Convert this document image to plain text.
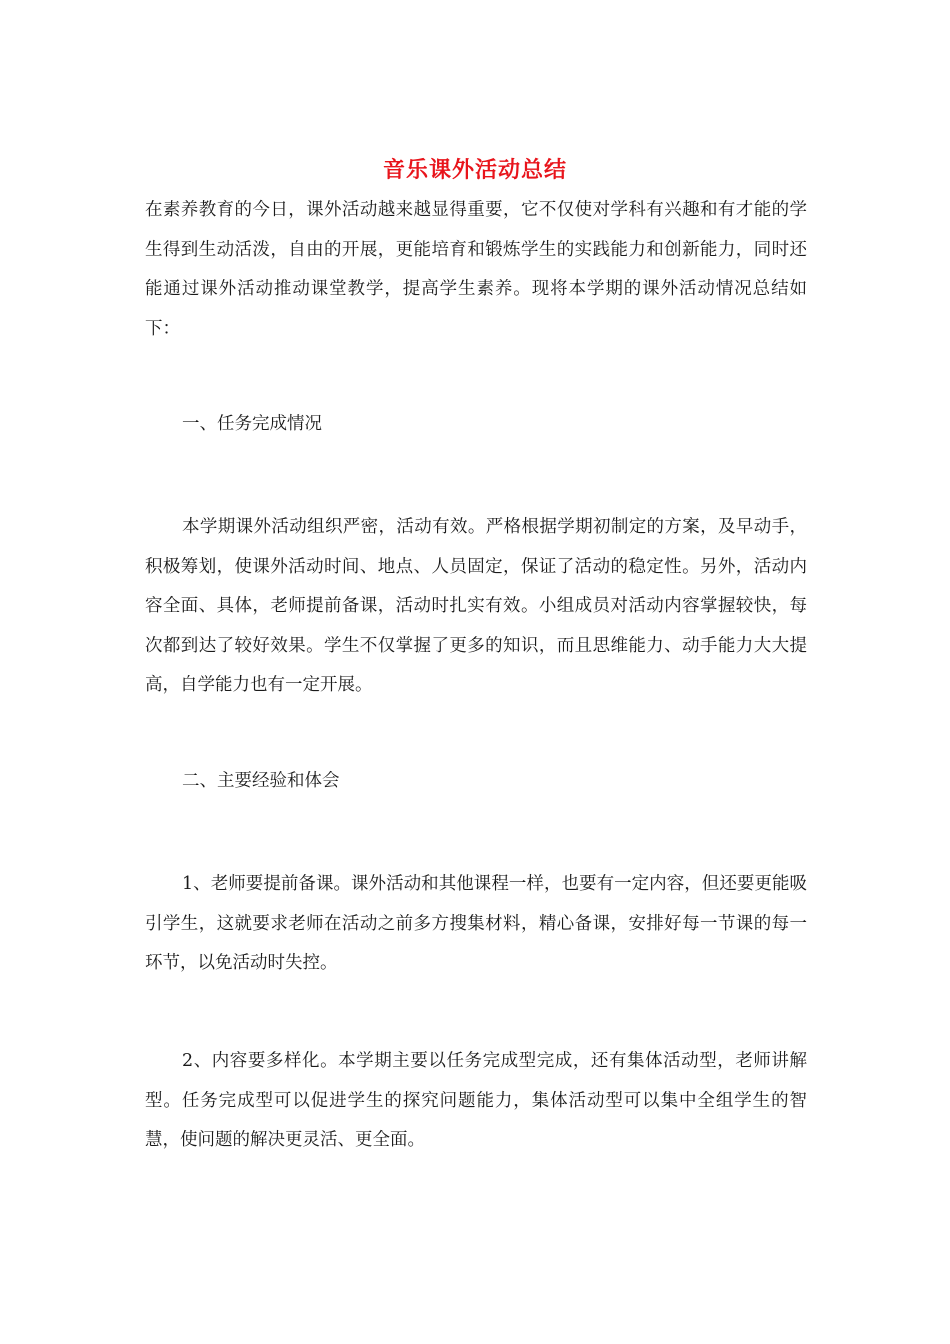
音乐课外活动总结

在素养教育的今日，课外活动越来越显得重要，它不仅使对学科有兴趣和有才能的学生得到生动活泼，自由的开展，更能培育和锻炼学生的实践能力和创新能力，同时还能通过课外活动推动课堂教学，提高学生素养。现将本学期的课外活动情况总结如下：

一、任务完成情况

本学期课外活动组织严密，活动有效。严格根据学期初制定的方案，及早动手，积极筹划，使课外活动时间、地点、人员固定，保证了活动的稳定性。另外，活动内容全面、具体，老师提前备课，活动时扎实有效。小组成员对活动内容掌握较快，每次都到达了较好效果。学生不仅掌握了更多的知识，而且思维能力、动手能力大大提高，自学能力也有一定开展。

二、主要经验和体会

1、老师要提前备课。课外活动和其他课程一样，也要有一定内容，但还要更能吸引学生，这就要求老师在活动之前多方搜集材料，精心备课，安排好每一节课的每一环节，以免活动时失控。

2、内容要多样化。本学期主要以任务完成型完成，还有集体活动型，老师讲解型。任务完成型可以促进学生的探究问题能力，集体活动型可以集中全组学生的智慧，使问题的解决更灵活、更全面。
